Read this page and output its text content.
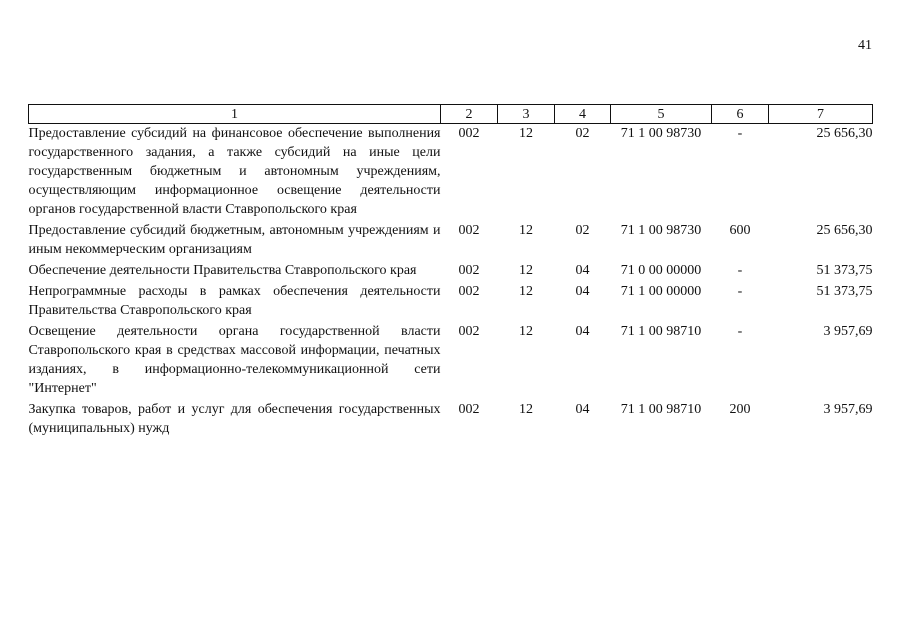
41
1	2	3	4	5	6	7
Предоставление субсидий на финансовое обеспечение выполнения государственного задания, а также субсидий на иные цели государственным бюджетным и автономным учреждениям, осуществляющим информационное освещение деятельности органов государственной власти Ставропольского края	002	12	02	71 1 00 98730	-	25 656,30
Предоставление субсидий бюджетным, автономным учреждениям и иным некоммерческим организациям	002	12	02	71 1 00 98730	600	25 656,30
Обеспечение деятельности Правительства Ставропольского края	002	12	04	71 0 00 00000	-	51 373,75
Непрограммные расходы в рамках обеспечения деятельности Правительства Ставропольского края	002	12	04	71 1 00 00000	-	51 373,75
Освещение деятельности органа государственной власти Ставропольского края в средствах массовой информации, печатных изданиях, в информационно-телекоммуникационной сети "Интернет"	002	12	04	71 1 00 98710	-	3 957,69
Закупка товаров, работ и услуг для обеспечения государственных (муниципальных) нужд	002	12	04	71 1 00 98710	200	3 957,69
